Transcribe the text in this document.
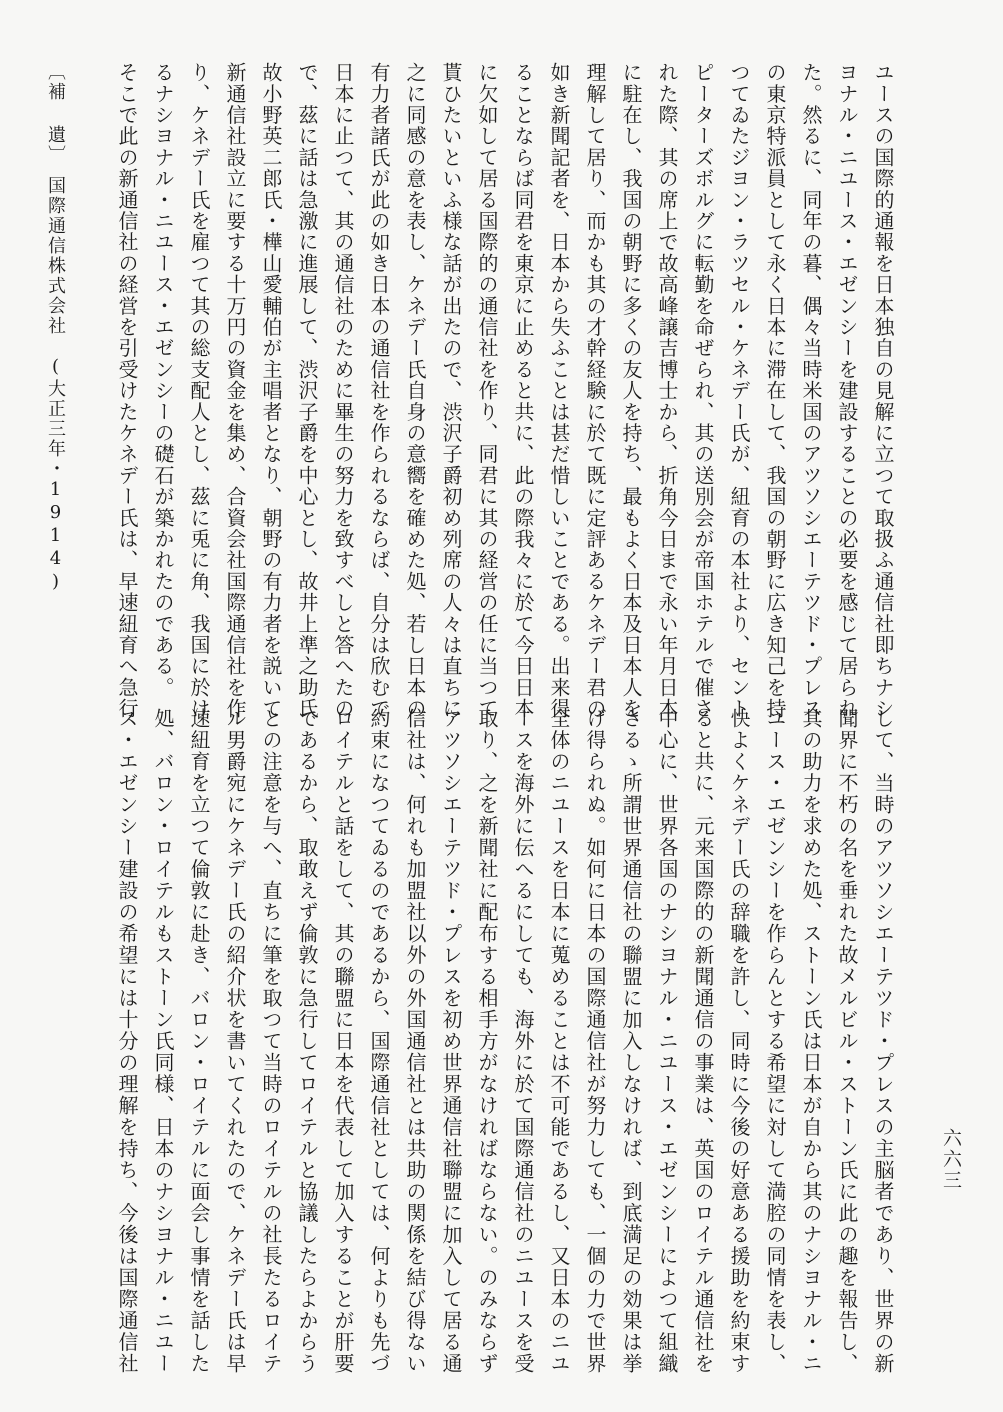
〔補 遺〕　国際通信株式会社　(大正三年・1914)
六六三
ユースの国際的通報を日本独自の見解に立つて取扱ふ通信社即ちナシ
ヨナル・ニユース・エゼンシーを建設することの必要を感じて居られ
た。然るに、同年の暮、偶々当時米国のアツソシエーテツド・プレス
の東京特派員として永く日本に滞在して、我国の朝野に広き知己を持
つてゐたジヨン・ラツセル・ケネデー氏が、紐育の本社より、セント
ピーターズボルグに転勤を命ぜられ、其の送別会が帝国ホテルで催さ
れた際、其の席上で故高峰譲吉博士から、折角今日まで永い年月日本
に駐在し、我国の朝野に多くの友人を持ち、最もよく日本及日本人を
理解して居り、而かも其の才幹経験に於て既に定評あるケネデー君の
如き新聞記者を、日本から失ふことは甚だ惜しいことである。出来得
ることならば同君を東京に止めると共に、此の際我々に於て今日日本
に欠如して居る国際的の通信社を作り、同君に其の経営の任に当つて
貰ひたいといふ様な話が出たので、渋沢子爵初め列席の人々は直ちに
之に同感の意を表し、ケネデー氏自身の意嚮を確めた処、若し日本の
有力者諸氏が此の如き日本の通信社を作られるならば、自分は欣むで
日本に止つて、其の通信社のために畢生の努力を致すべしと答へたの
で、茲に話は急激に進展して、渋沢子爵を中心とし、故井上準之助氏
故小野英二郎氏・樺山愛輔伯が主唱者となり、朝野の有力者を説いて
新通信社設立に要する十万円の資金を集め、合資会社国際通信社を作
り、ケネデー氏を雇つて其の総支配人とし、茲に兎に角、我国に於け
るナシヨナル・ニユース・エゼンシーの礎石が築かれたのである。
そこで此の新通信社の経営を引受けたケネデー氏は、早速紐育へ急行
して、当時のアツソシエーテツド・プレスの主脳者であり、世界の新
聞界に不朽の名を垂れた故メルビル・ストーン氏に此の趣を報告し、
其の助力を求めた処、ストーン氏は日本が自から其のナシヨナル・ニ
ユース・エゼンシーを作らんとする希望に対して満腔の同情を表し、
快よくケネデー氏の辞職を許し、同時に今後の好意ある援助を約束す
ると共に、元来国際的の新聞通信の事業は、英国のロイテル通信社を
中心に、世界各国のナシヨナル・ニユース・エゼンシーによつて組織
さるゝ所謂世界通信社の聯盟に加入しなければ、到底満足の効果は挙
げ得られぬ。如何に日本の国際通信社が努力しても、一個の力で世界
全体のニユースを日本に蒐めることは不可能であるし、又日本のニユ
ースを海外に伝へるにしても、海外に於て国際通信社のニユースを受
取り、之を新聞社に配布する相手方がなければならない。のみならず
アツソシエーテツド・プレスを初め世界通信社聯盟に加入して居る通
信社は、何れも加盟社以外の外国通信社とは共助の関係を結び得ない
約束になつてゐるのであるから、国際通信社としては、何よりも先づ
ロイテルと話をして、其の聯盟に日本を代表して加入することが肝要
であるから、取敢えず倫敦に急行してロイテルと協議したらよからう
との注意を与へ、直ちに筆を取つて当時のロイテルの社長たるロイテ
ル男爵宛にケネデー氏の紹介状を書いてくれたので、ケネデー氏は早
速紐育を立つて倫敦に赴き、バロン・ロイテルに面会し事情を話した
処、バロン・ロイテルもストーン氏同様、日本のナシヨナル・ニユー
ス・エゼンシー建設の希望には十分の理解を持ち、今後は国際通信社
